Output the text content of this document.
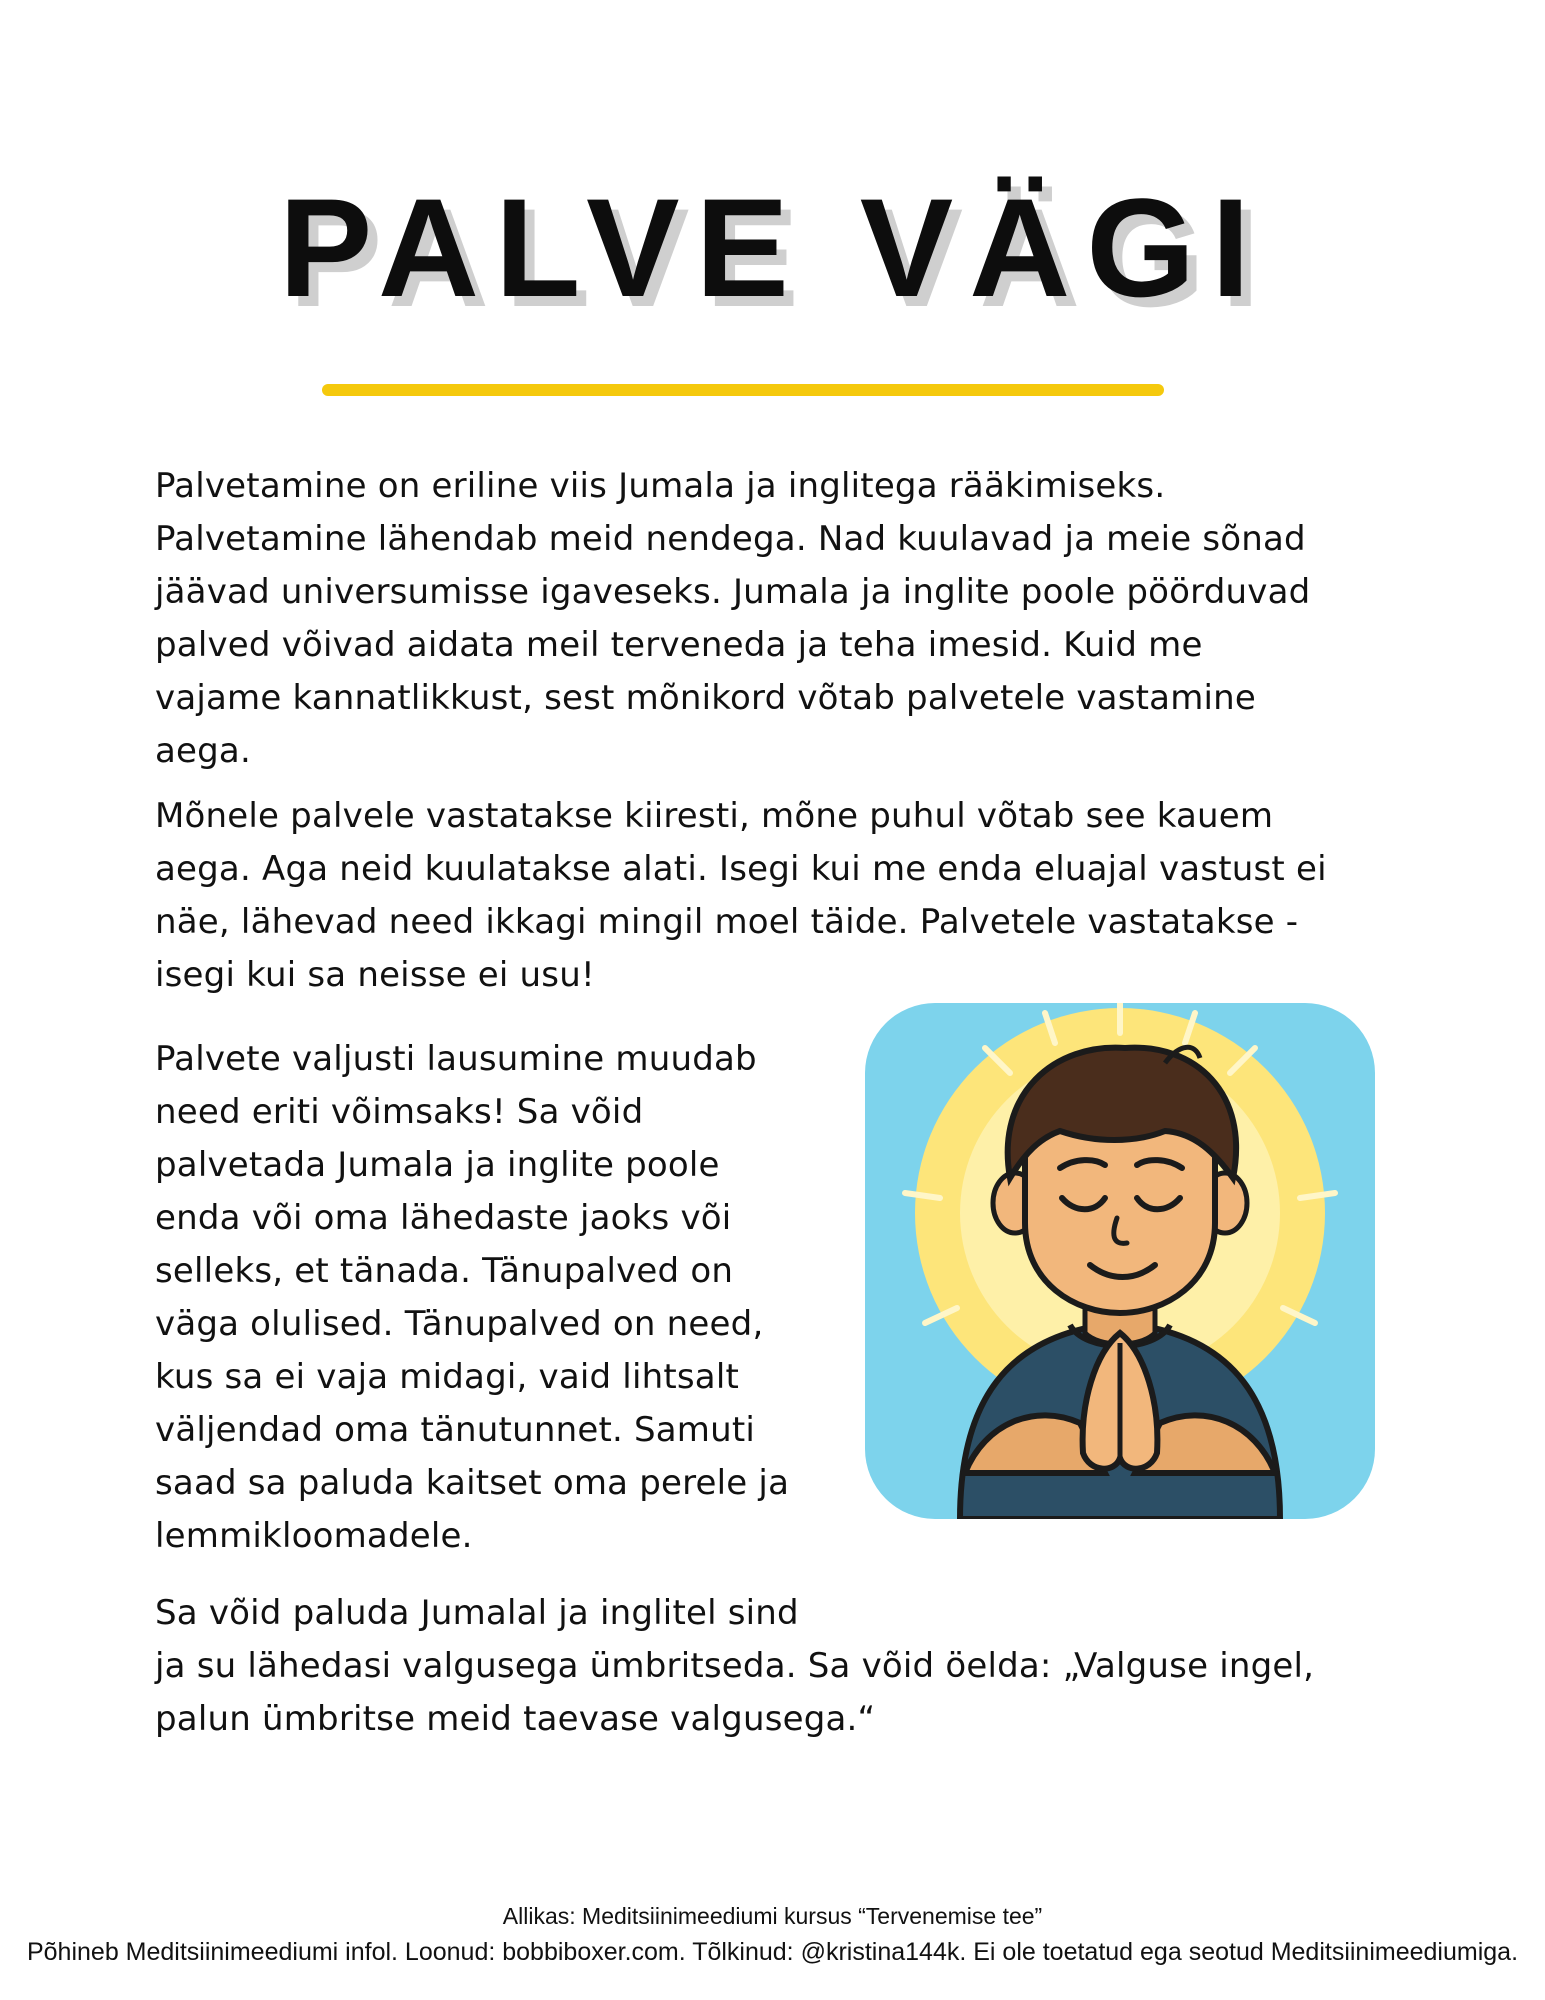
PALVE VÄGI

Palvetamine on eriline viis Jumala ja inglitega rääkimiseks.
Palvetamine lähendab meid nendega. Nad kuulavad ja meie sõnad
jäävad universumisse igaveseks. Jumala ja inglite poole pöörduvad
palved võivad aidata meil terveneda ja teha imesid. Kuid me
vajame kannatlikkust, sest mõnikord võtab palvetele vastamine
aega.

Mõnele palvele vastatakse kiiresti, mõne puhul võtab see kauem
aega. Aga neid kuulatakse alati. Isegi kui me enda eluajal vastust ei
näe, lähevad need ikkagi mingil moel täide. Palvetele vastatakse -
isegi kui sa neisse ei usu!

Palvete valjusti lausumine muudab
need eriti võimsaks! Sa võid
palvetada Jumala ja inglite poole
enda või oma lähedaste jaoks või
selleks, et tänada. Tänupalved on
väga olulised. Tänupalved on need,
kus sa ei vaja midagi, vaid lihtsalt
väljendad oma tänutunnet. Samuti
saad sa paluda kaitset oma perele ja
lemmikloomadele.

Sa võid paluda Jumalal ja inglitel sind
ja su lähedasi valgusega ümbritseda. Sa võid öelda: „Valguse ingel,
palun ümbritse meid taevase valgusega.“

Allikas: Meditsiinimeediumi kursus “Tervenemise tee”

Põhineb Meditsiinimeediumi infol. Loonud: bobbiboxer.com. Tõlkinud: @kristina144k. Ei ole toetatud ega seotud Meditsiinimeediumiga.
